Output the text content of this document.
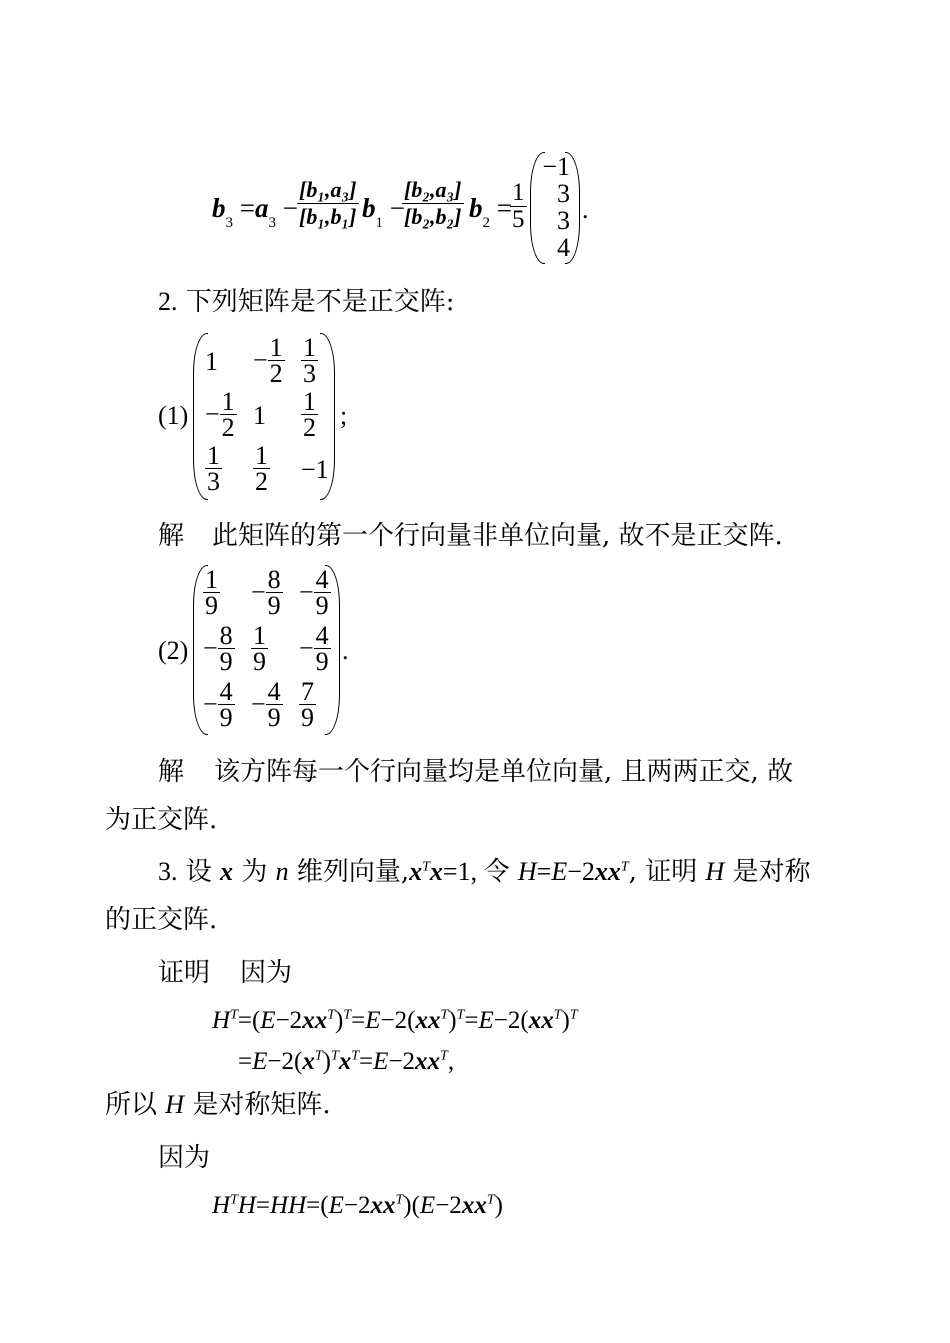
$b_3 =a_3 - \frac{\text{[b₁,a₃]}}{\text{[b₁,b₁]}} b_1$ −
$\frac{\text{[b₂,a₃]}}{\text{[b₂,b₂]}} b_2$ =
$\frac{1}{5}$
−1
3
3
4
.
2. 下列矩阵是不是正交阵:
(1)
$1 - \frac{1}{2} \frac{1}{3}$
− $\frac{1}{2} 1 \frac{1}{2}$
$\frac{1}{3} \frac{1}{2} -1$
;
解 此矩阵的第一个行向量非单位向量, 故不是正交阵.
(2)
$\frac{1}{9} - \frac{8}{9} - \frac{4}{9}$
− $\frac{8}{9} \frac{1}{9} - \frac{4}{9}$
− $\frac{4}{9} - \frac{4}{9} \frac{7}{9}$
.
解 该方阵每一个行向量均是单位向量, 且两两正交, 故
为正交阵.
3. 设 x 为 n 维列向量$,x^Tx=1$, 令 $H=E-2xx^T$, 证明 H 是对称
的正交阵.
证明 因为
$H^T=(E-2xx^T)^T=E-2(xx^T)^T=E-2(xx^T)^T$
$=E-2(x^T)^Tx^T=E-2xx^T$,
所以 H 是对称矩阵.
因为
$H^TH=HH=(E-2xx^T)(E-2xx^T)$
